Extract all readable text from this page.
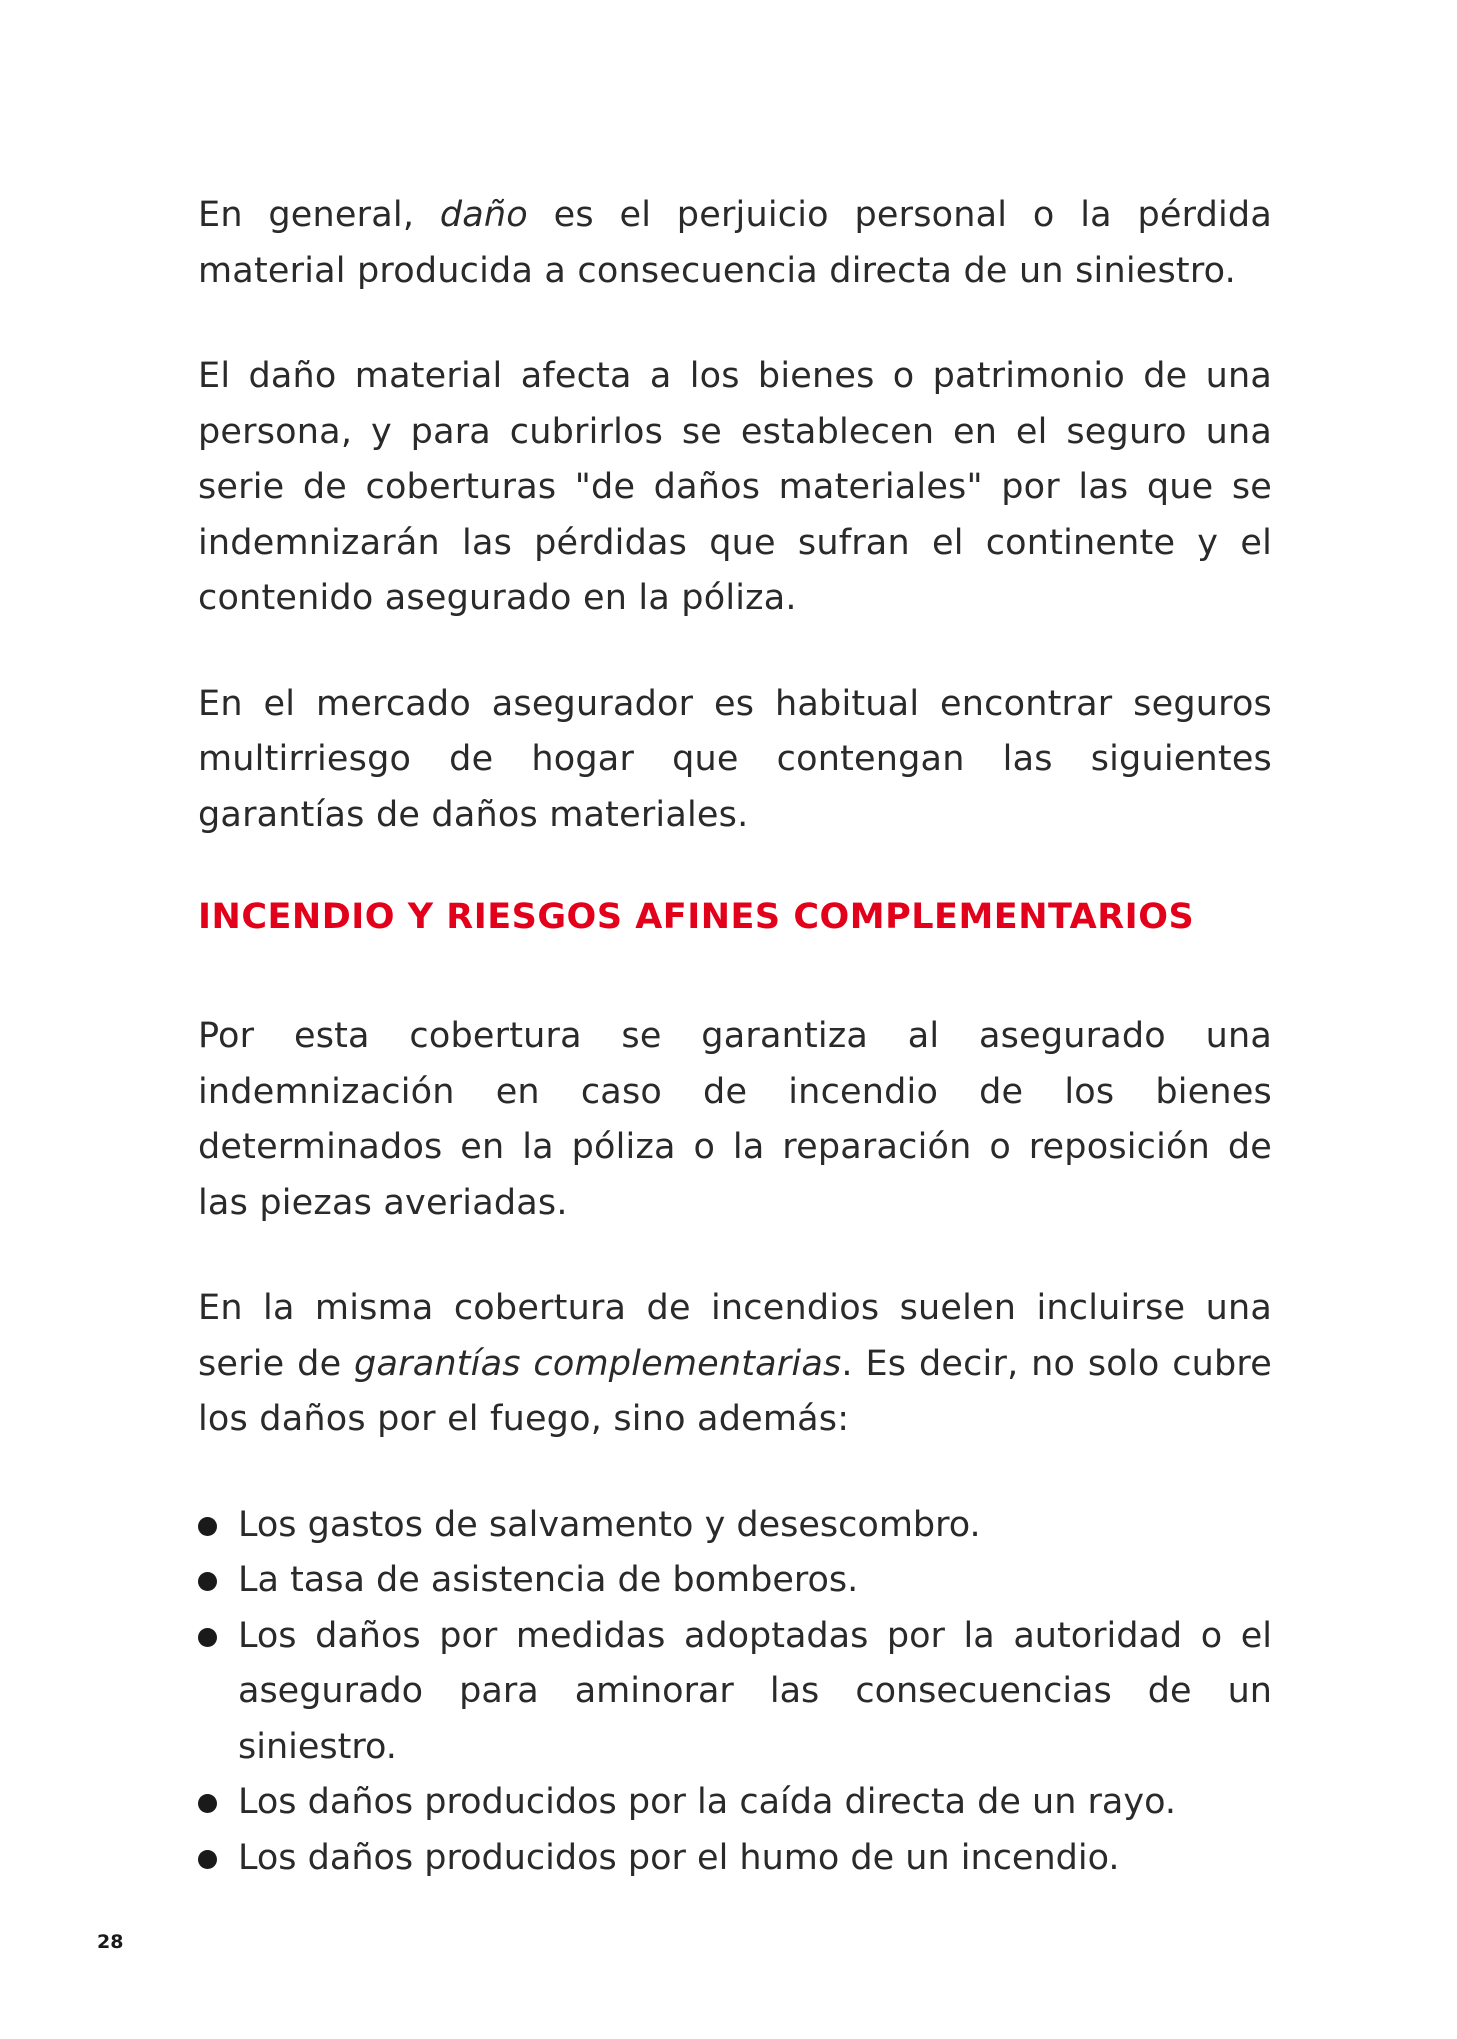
En general, daño es el perjuicio personal o la pérdida material producida a consecuencia directa de un siniestro.

El daño material afecta a los bienes o patrimonio de una persona, y para cubrirlos se establecen en el seguro una serie de coberturas "de daños materiales" por las que se indemnizarán las pérdidas que sufran el continente y el contenido asegurado en la póliza.

En el mercado asegurador es habitual encontrar seguros multirriesgo de hogar que contengan las siguientes garantías de daños materiales.

INCENDIO Y RIESGOS AFINES COMPLEMENTARIOS

Por esta cobertura se garantiza al asegurado una indemnización en caso de incendio de los bienes determinados en la póliza o la reparación o reposición de las piezas averiadas.

En la misma cobertura de incendios suelen incluirse una serie de garantías complementarias. Es decir, no solo cubre los daños por el fuego, sino además:

Los gastos de salvamento y desescombro.
La tasa de asistencia de bomberos.
Los daños por medidas adoptadas por la autoridad o el asegurado para aminorar las consecuencias de un siniestro.
Los daños producidos por la caída directa de un rayo.
Los daños producidos por el humo de un incendio.
28
